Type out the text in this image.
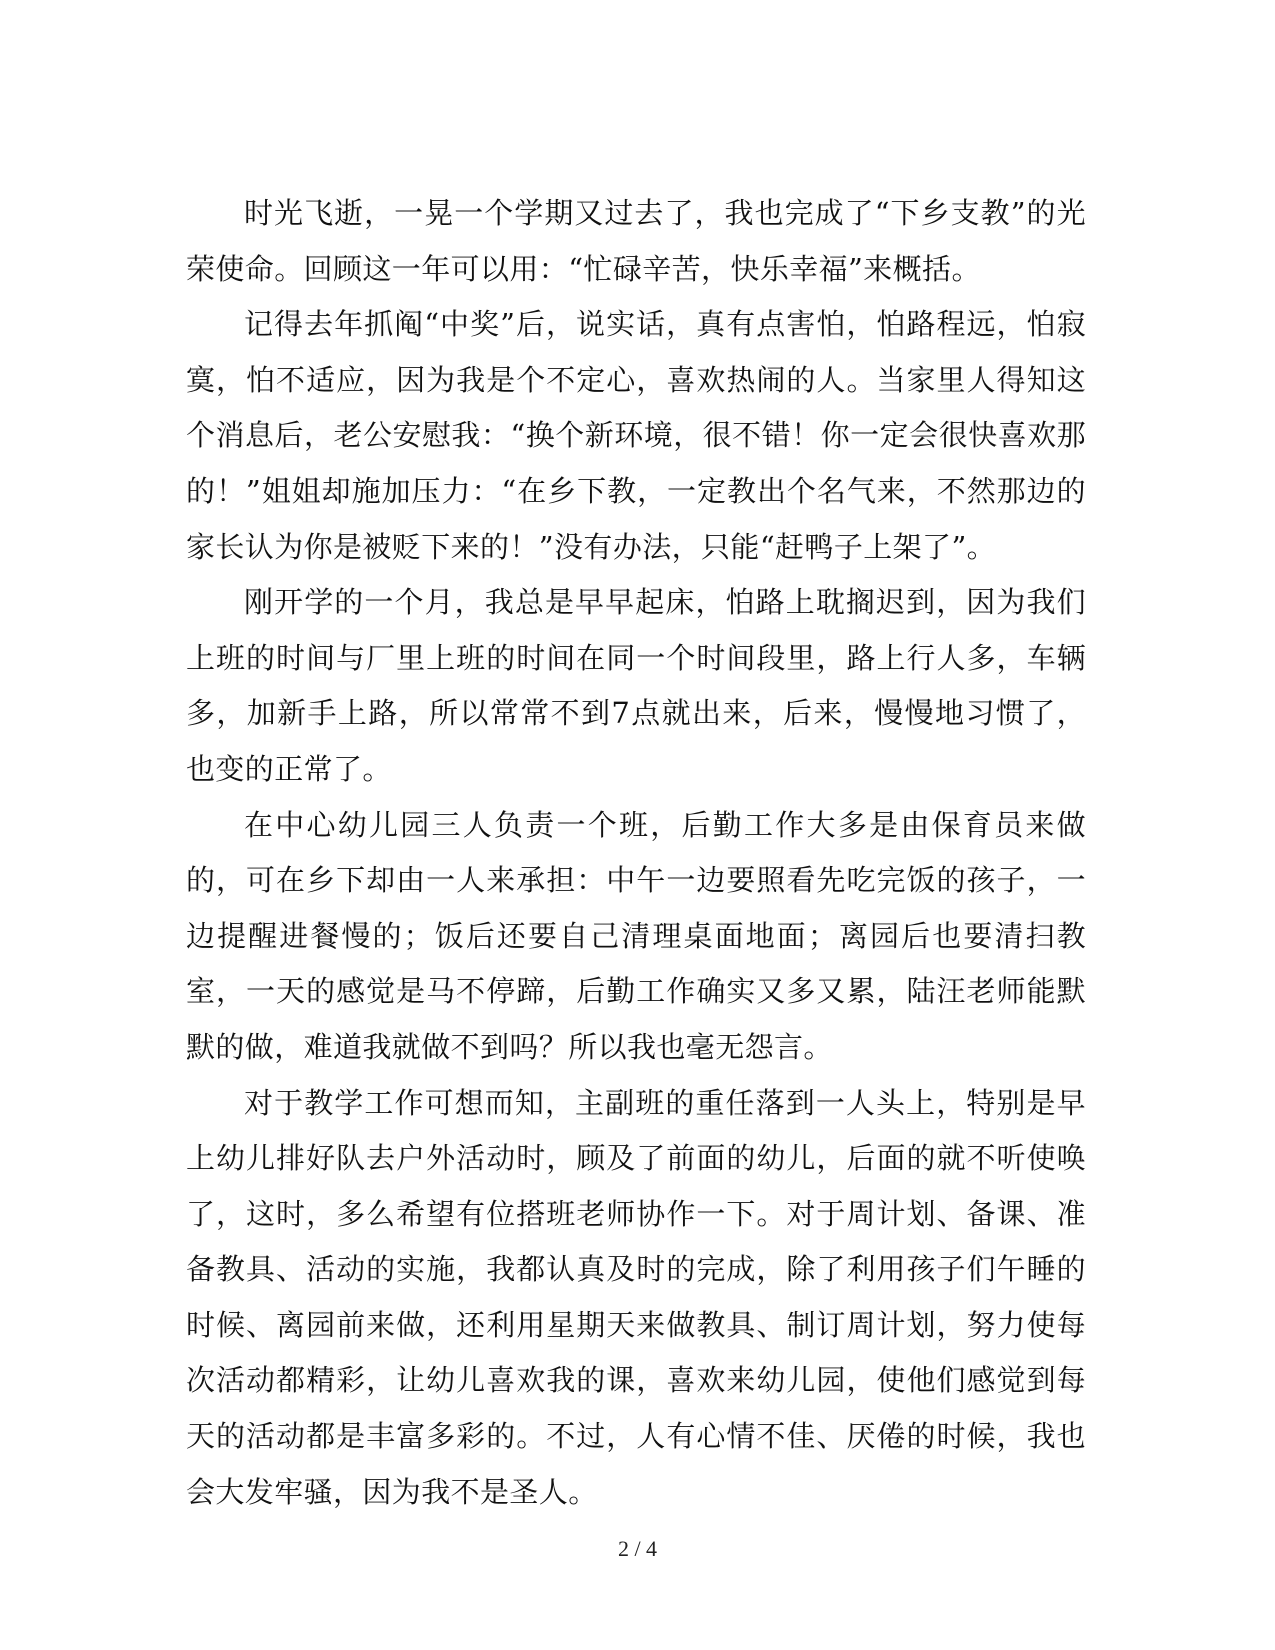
时光飞逝，一晃一个学期又过去了，我也完成了“下乡支教”的光荣使命。回顾这一年可以用：“忙碌辛苦，快乐幸福”来概括。

记得去年抓阄“中奖”后，说实话，真有点害怕，怕路程远，怕寂寞，怕不适应，因为我是个不定心，喜欢热闹的人。当家里人得知这个消息后，老公安慰我：“换个新环境，很不错！你一定会很快喜欢那的！”姐姐却施加压力：“在乡下教，一定教出个名气来，不然那边的家长认为你是被贬下来的！”没有办法，只能“赶鸭子上架了”。

刚开学的一个月，我总是早早起床，怕路上耽搁迟到，因为我们上班的时间与厂里上班的时间在同一个时间段里，路上行人多，车辆多，加新手上路，所以常常不到7点就出来，后来，慢慢地习惯了，也变的正常了。

在中心幼儿园三人负责一个班，后勤工作大多是由保育员来做的，可在乡下却由一人来承担：中午一边要照看先吃完饭的孩子，一边提醒进餐慢的；饭后还要自己清理桌面地面；离园后也要清扫教室，一天的感觉是马不停蹄，后勤工作确实又多又累，陆汪老师能默默的做，难道我就做不到吗？所以我也毫无怨言。

对于教学工作可想而知，主副班的重任落到一人头上，特别是早上幼儿排好队去户外活动时，顾及了前面的幼儿，后面的就不听使唤了，这时，多么希望有位搭班老师协作一下。对于周计划、备课、准备教具、活动的实施，我都认真及时的完成，除了利用孩子们午睡的时候、离园前来做，还利用星期天来做教具、制订周计划，努力使每次活动都精彩，让幼儿喜欢我的课，喜欢来幼儿园，使他们感觉到每天的活动都是丰富多彩的。不过，人有心情不佳、厌倦的时候，我也会大发牢骚，因为我不是圣人。

2 / 4
